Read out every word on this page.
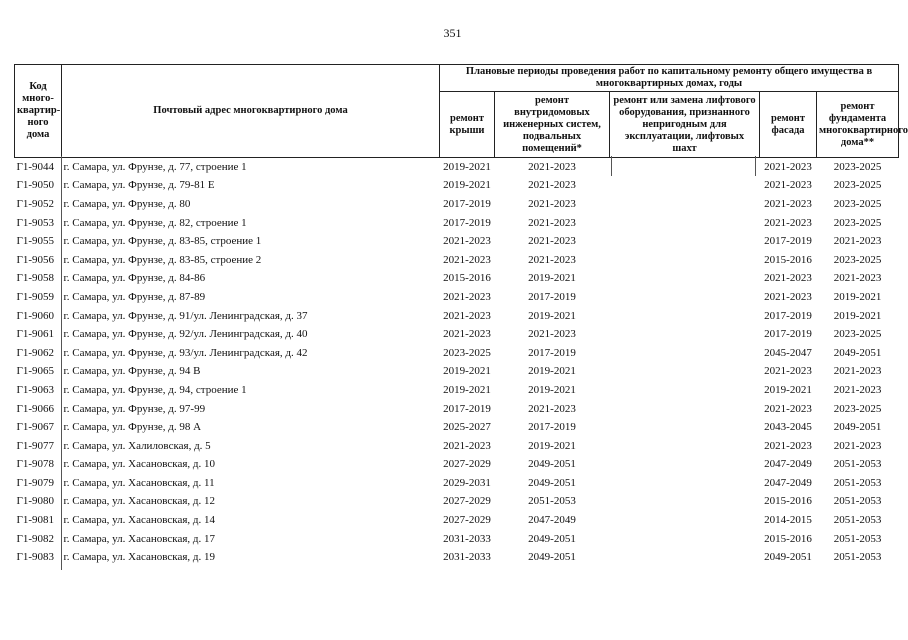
351
Код много-квартир-ного дома	Почтовый адрес многоквартирного дома	Плановые периоды проведения работ по капитальному ремонту общего имущества в многоквартирных домах, годы				
		ремонт крыши	ремонт внутридомовых инженерных систем, подвальных помещений*	ремонт или замена лифтового оборудования, признанного непригодным для эксплуатации, лифтовых шахт	ремонт фасада	ремонт фундамента многоквартирного дома**
Г1-9044	г. Самара, ул. Фрунзе, д. 77, строение 1	2019-2021	2021-2023		2021-2023	2023-2025
Г1-9050	г. Самара, ул. Фрунзе, д. 79-81 Е	2019-2021	2021-2023		2021-2023	2023-2025
Г1-9052	г. Самара, ул. Фрунзе, д. 80	2017-2019	2021-2023		2021-2023	2023-2025
Г1-9053	г. Самара, ул. Фрунзе, д. 82, строение 1	2017-2019	2021-2023		2021-2023	2023-2025
Г1-9055	г. Самара, ул. Фрунзе, д. 83-85, строение 1	2021-2023	2021-2023		2017-2019	2021-2023
Г1-9056	г. Самара, ул. Фрунзе, д. 83-85, строение 2	2021-2023	2021-2023		2015-2016	2023-2025
Г1-9058	г. Самара, ул. Фрунзе, д. 84-86	2015-2016	2019-2021		2021-2023	2021-2023
Г1-9059	г. Самара, ул. Фрунзе, д. 87-89	2021-2023	2017-2019		2021-2023	2019-2021
Г1-9060	г. Самара, ул. Фрунзе, д. 91/ул. Ленинградская, д. 37	2021-2023	2019-2021		2017-2019	2019-2021
Г1-9061	г. Самара, ул. Фрунзе, д. 92/ул. Ленинградская, д. 40	2021-2023	2021-2023		2017-2019	2023-2025
Г1-9062	г. Самара, ул. Фрунзе, д. 93/ул. Ленинградская, д. 42	2023-2025	2017-2019		2045-2047	2049-2051
Г1-9065	г. Самара, ул. Фрунзе, д. 94 В	2019-2021	2019-2021		2021-2023	2021-2023
Г1-9063	г. Самара, ул. Фрунзе, д. 94, строение 1	2019-2021	2019-2021		2019-2021	2021-2023
Г1-9066	г. Самара, ул. Фрунзе, д. 97-99	2017-2019	2021-2023		2021-2023	2023-2025
Г1-9067	г. Самара, ул. Фрунзе, д. 98 А	2025-2027	2017-2019		2043-2045	2049-2051
Г1-9077	г. Самара, ул. Халиловская, д. 5	2021-2023	2019-2021		2021-2023	2021-2023
Г1-9078	г. Самара, ул. Хасановская, д. 10	2027-2029	2049-2051		2047-2049	2051-2053
Г1-9079	г. Самара, ул. Хасановская, д. 11	2029-2031	2049-2051		2047-2049	2051-2053
Г1-9080	г. Самара, ул. Хасановская, д. 12	2027-2029	2051-2053		2015-2016	2051-2053
Г1-9081	г. Самара, ул. Хасановская, д. 14	2027-2029	2047-2049		2014-2015	2051-2053
Г1-9082	г. Самара, ул. Хасановская, д. 17	2031-2033	2049-2051		2015-2016	2051-2053
Г1-9083	г. Самара, ул. Хасановская, д. 19	2031-2033	2049-2051		2049-2051	2051-2053
